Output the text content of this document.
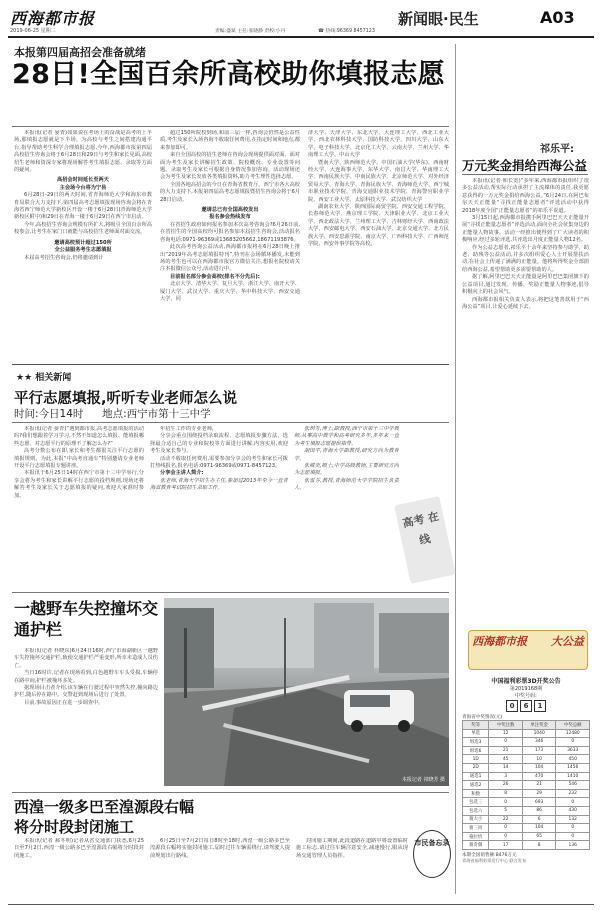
西海都市报
2019-06-25 星期二	责编:盛斌 主任:张晓静 责校:小丹	☎ 热线:96369 8457123
新闻眼·民生	A03
本报第四届高招会准备就绪
28日!全国百余所高校助你填报志愿

本报讯(记者 晏青)如果说在考场上的奋战是高考的上半场,那填报志愿就是下半场。为高校与考生之间搭建沟通平台,指导帮助考生科学合理填报志愿,今年,西海都市报第四届高校招生咨询会将于6月28日和29日与考生和家长见面,高校招生老师和资深专家将现场解答考生填报志愿、录取等方面的疑问。

高招会时间延长至两天

主会场今台将为宁县

6月28日-29日的两天时间,省青海师范大学和海东市教育局联合大力支持下,第四届高考志愿填报现场咨询会将在青海省西宁师范大学新校区开设一楼于6月28日(青海师范大学新校区附中)和29日在青海一楼于6月29日在西宁市启动。

今年,高校招生咨询会规模有所扩大,将吸引全国百余所高校参会,让考生在家门口就能与高校招生老师面对面交流。

邀请高校预计超过150所

全公益服务考生志愿填报

本届高考招生咨询会,仍将邀请到计

超过150所院校到场,和前三届一样,咨询会仍然是公益性质,考生及家长入场咨询不收取任何费用,在指定时间和地点,都来参加即可。

来自全国高校的招生老师在咨询会现场提供面对面、面对面为考生及家长讲解招生政策、院校概况、专业设置等问题。录取考生及家长可根据自身情况参加咨询。活动现场还会为考生及家长发放各类填报资料,助力考生理性选择志愿。

全国各地高招会的今日在青海省教育厅、西宁市各大高校的大力支持下,本报第四届高考志愿填报暨招生咨询会将于6月28日启动。

邀请总已有全国高校发出

报名参会热线发布

在省招生政府如何报名参加本次高考咨询会?6月26日前,在省招生的全国高校均可报名参加本届招生咨询会,活动报名咨询电话:0971-96369或13683205662,18671193876。

此次高考咨询公益活动,西海都市报将在6月28日晚上推出“2019年高考志愿填报特刊”,特刊在会场循环播发,未能到场的考生也可以在西海都市报官方微信关注,想报名院校请关注本报微信公众号,活动进行中。

目前报名部分参会高校(排名不分先后):

北京大学、清华大学、复旦大学、浙江大学、南开大学、厦门大学、武汉大学、重庆大学、华中科技大学、西安交通大学、同

济大学、天津大学、东北大学、大连理工大学、西北工业大学、西北农林科技大学、国防科技大学、四川大学、山东大学、电子科技大学、北京化工大学、云南大学、兰州大学、华南理工大学、中山大学

暨南大学、陕西师范大学、中国石油大学(华东)、西南财经大学、大连海事大学、东华大学、南昌大学、华南理工大学、西南民族大学、中南民族大学、北京师范大学、对外经济贸易大学、青海大学、青海民族大学、青海师范大学、西宁城市职业技术学院、青海交通职业技术学院、青海警官职业学院、西安工业大学、太原科技大学、武汉纺织大学

湖南农业大学、陕西国际商贸学院、西安交通工程学院、长春师范大学、燕京理工学院、天津职业大学、北京工业大学、西北政法大学、兰州理工大学、吉林财经大学、西南政法大学、西安邮电大学、西安石油大学、北京交通大学、北方民族大学、西安思源学院、南京大学、广西科技大学、广西师范学院、西安外事学院等高校。

祁乐平:
万元奖金捐给西海公益

本报讯(记者 和长宽)“多年来,西海都市报组织了很多公益活动,帮实际行动承担了主流媒体的责任,我更愿意获得的一万元奖金捐给西海公益。”6月24日,在阿巴布尔天天正能量“寻找正能量志愿者”评选活动中获得2018年度全国“正能量志愿者”的祁乐平说道。

3月15日起,西海都市报携手阿里巴巴天天正能量开展“寻找正能量志愿者”评选活动,面向全社会征集身边的正能量人物故事。活动一经推出便得到了广大读者的积极响应,经过多轮评选,共评选出月度正能量人物12名。

作为公益志愿者,祁乐平十余年来坚持参与助学、助老、助残等公益活动,并多次组织爱心人士开展帮扶活动,在社会上传递了满满的正能量。他将所得奖金全部捐给西海公益,希望帮助更多需要帮助的人。

据了解,阿里巴巴天天正能量是阿里巴巴集团旗下的公益项目,通过发现、传播、奖励正能量人物事迹,倡导积极向上的社会风气。

西海都市报相关负责人表示,将把这笔善款用于“西海公益”项目,让爱心延续下去。

西海都市报 大公益
中国福利彩票3D开奖公告
第2019168期
中奖号码:
0	6	1
青海省中奖情况(元)
奖等	中奖注数	单注奖金	中奖总额
单选	12	1040	12480
组选3	0	346	0
组选6	21	173	3633
1D	45	10	450
2D	14	104	1456
通选1	3	470	1410
通选2	26	21	546
和数	8	29	232
包选三	0	693	0
包选六	5	86	430
猜大小	22	6	132
猜三同	0	104	0
拖拉机	0	65	0
猜奇偶	17	8	136
本期全国销售额:8476万元
青海省福利彩票发行中心 联合发布
★★ 相关新闻
平行志愿填报,听听专业老师怎么说
时间:今日14时 地点:西宁市第十三中学

本报讯(记者 晏青)“遇到都市报,高考志愿填报的活动吗?我们想跟着学习学习,不然不知道怎么填报、能填报哪些志愿、对志愿平行的原理不了解怎么办?”

高考分数公布在即,家长和考生都很关注平行志愿的填报规则。为此,本报“中高考直通车”特别邀请专业老师开设平行志愿填报专题讲座。

本报讯于6月25日14时在西宁市第十三中学举行,分享会将为考生和家长讲解平行志愿的投档规则,现场还将解答考生及家长关于志愿填报的疑问,欢迎大家准时参加。

年招生工作的专业老师,

分享会重点围绕投档录取流程、志愿填报步骤方法、选择最合适自己的专业和院校等方面进行讲解,内容实用,欢迎考生及家长参与。

活动不收取任何费用,需要参加分享会的考生和家长可拨打热线报名,报名电话:0971-96369或0971-8457123。

分享会主讲人简介:

张老师,青海大学招生办主任,参加过2013年至今一直青海省教育考试院招生录取工作。

张玥芳,博士,副教授,西宁市第十三中学教师,从事高中教学和高考研究多年,多年来一直为考生填报志愿提供指导。

胡国平,青海大学副教授,研究方向为教育学。

张城奕,硕士,中学高级教师,主要研究方向为志愿填报。

张雪芬,教授,青海师范大学学院招生负责人。

高考 在线
一越野车失控撞坏交通护栏

本报讯(记者 朴晓东)6月24日16时,西宁市海湖新区一越野车失控撞坏交通护栏,致使交通护栏严重变形,所幸未造成人员伤亡。

当日16时许,记者在现场看到,白色越野车车头受损,车辆停在路中间,护栏被撞坏多处。

据现场目击者介绍,该车辆在行驶过程中突然失控,撞向路边护栏,随后停在路中。交警赶到现场后进行了处置。

目前,事故原因正在进一步调查中。

本报记者 祁晓芳 摄
西湟一级多巴至湟源段右幅
将分时段封闭施工

本报讯(记者 郝冬明)记者从省交通部门获悉,6月25日至7月2日,西湟一级公路多巴至湟源段右幅将分时段封闭施工。

6月25日至7月2日每日8时至18时,西湟一级公路多巴至湟源段右幅将实施封闭施工,届时过往车辆需绕行,请驾驶人提前规划出行路线。

封闭施工期间,此段道路在道路中将设置临时施工标志,请过往车辆注意安全,减速慢行,服从现场交通管理人员指挥。

市民备忘录
